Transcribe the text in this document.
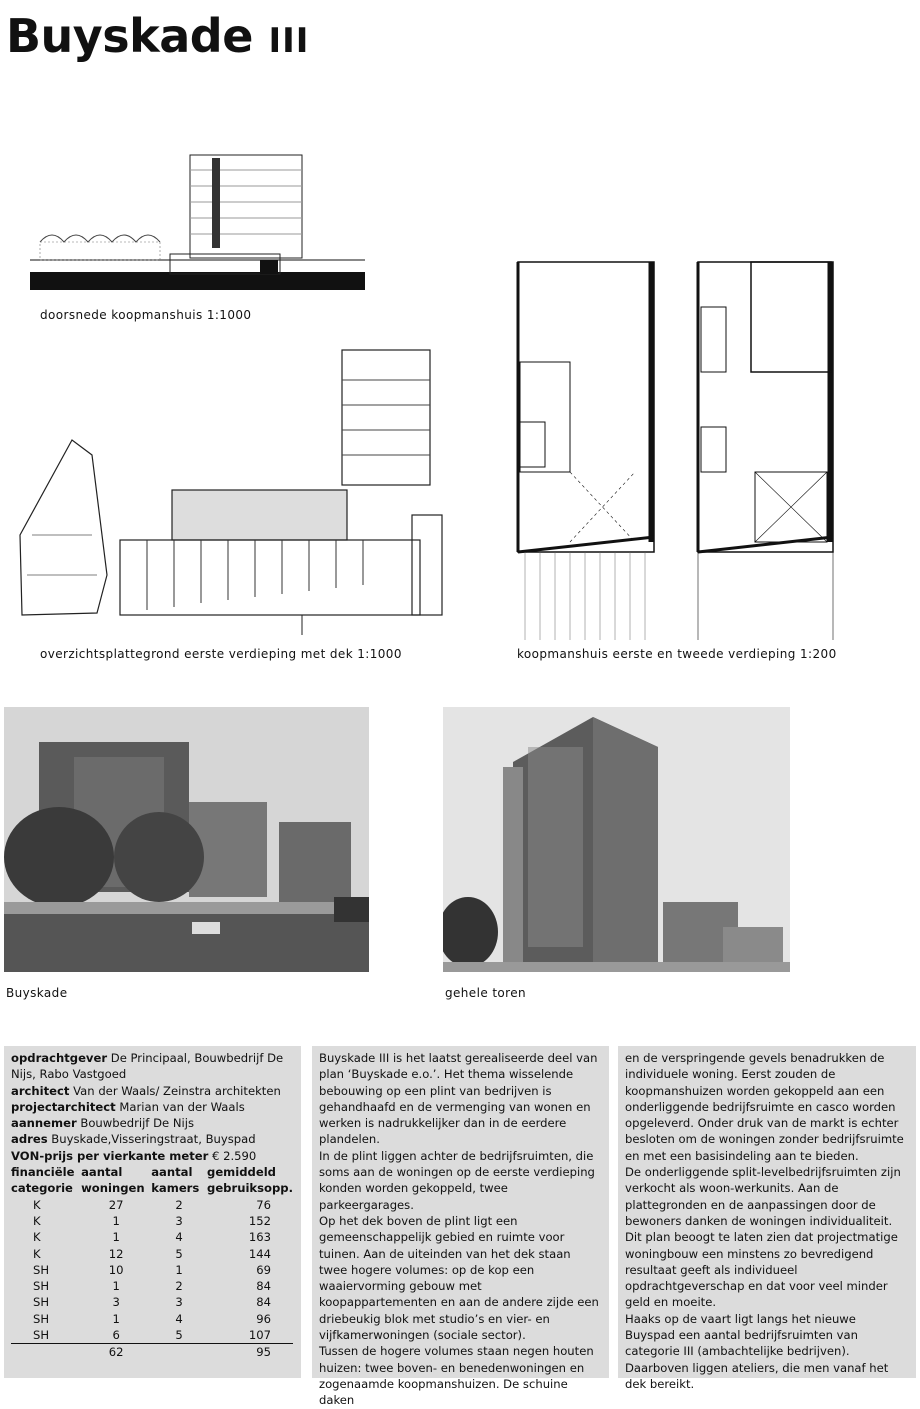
Buyskade III
doorsnede koopmanshuis 1:1000
overzichtsplattegrond eerste verdieping met dek 1:1000	koopmanshuis eerste en tweede verdieping 1:200
Buyskade	gehele toren
opdrachtgever De Principaal, Bouwbedrijf De Nijs, Rabo Vastgoed
architect Van der Waals/ Zeinstra architekten
projectarchitect Marian van der Waals
aannemer Bouwbedrijf De Nijs
adres Buyskade,Visseringstraat, Buyspad
VON-prijs per vierkante meter € 2.590
financiële categorie	aantal woningen	aantal kamers	gemiddeld gebruiksopp.
K	27	2	76
K	1	3	152
K	1	4	163
K	12	5	144
SH	10	1	69
SH	1	2	84
SH	3	3	84
SH	1	4	96
SH	6	5	107
	62		95

Buyskade III is het laatst gerealiseerde deel van plan ‘Buyskade e.o.’. Het thema wisselende bebouwing op een plint van bedrijven is gehandhaafd en de vermenging van wonen en werken is nadrukkelijker dan in de eerdere plandelen.
In de plint liggen achter de bedrijfsruimten, die soms aan de woningen op de eerste verdieping konden worden gekoppeld, twee parkeergarages.
Op het dek boven de plint ligt een gemeenschappelijk gebied en ruimte voor tuinen. Aan de uiteinden van het dek staan twee hogere volumes: op de kop een waaiervorming gebouw met koopappartementen en aan de andere zijde een driebeukig blok met studio’s en vier- en vijfkamerwoningen (sociale sector).
Tussen de hogere volumes staan negen houten huizen: twee boven- en benedenwoningen en zogenaamde koopmanshuizen. De schuine daken

en de verspringende gevels benadrukken de individuele woning. Eerst zouden de koopmanshuizen worden gekoppeld aan een onderliggende bedrijfsruimte en casco worden opgeleverd. Onder druk van de markt is echter besloten om de woningen zonder bedrijfsruimte en met een basisindeling aan te bieden.
De onderliggende split-levelbedrijfsruimten zijn verkocht als woon-werkunits. Aan de plattegronden en de aanpassingen door de bewoners danken de woningen individualiteit. Dit plan beoogt te laten zien dat projectmatige woningbouw een minstens zo bevredigend resultaat geeft als individueel opdrachtgeverschap en dat voor veel minder geld en moeite.
Haaks op de vaart ligt langs het nieuwe Buyspad een aantal bedrijfsruimten van categorie III (ambachtelijke bedrijven). Daarboven liggen ateliers, die men vanaf het dek bereikt.
